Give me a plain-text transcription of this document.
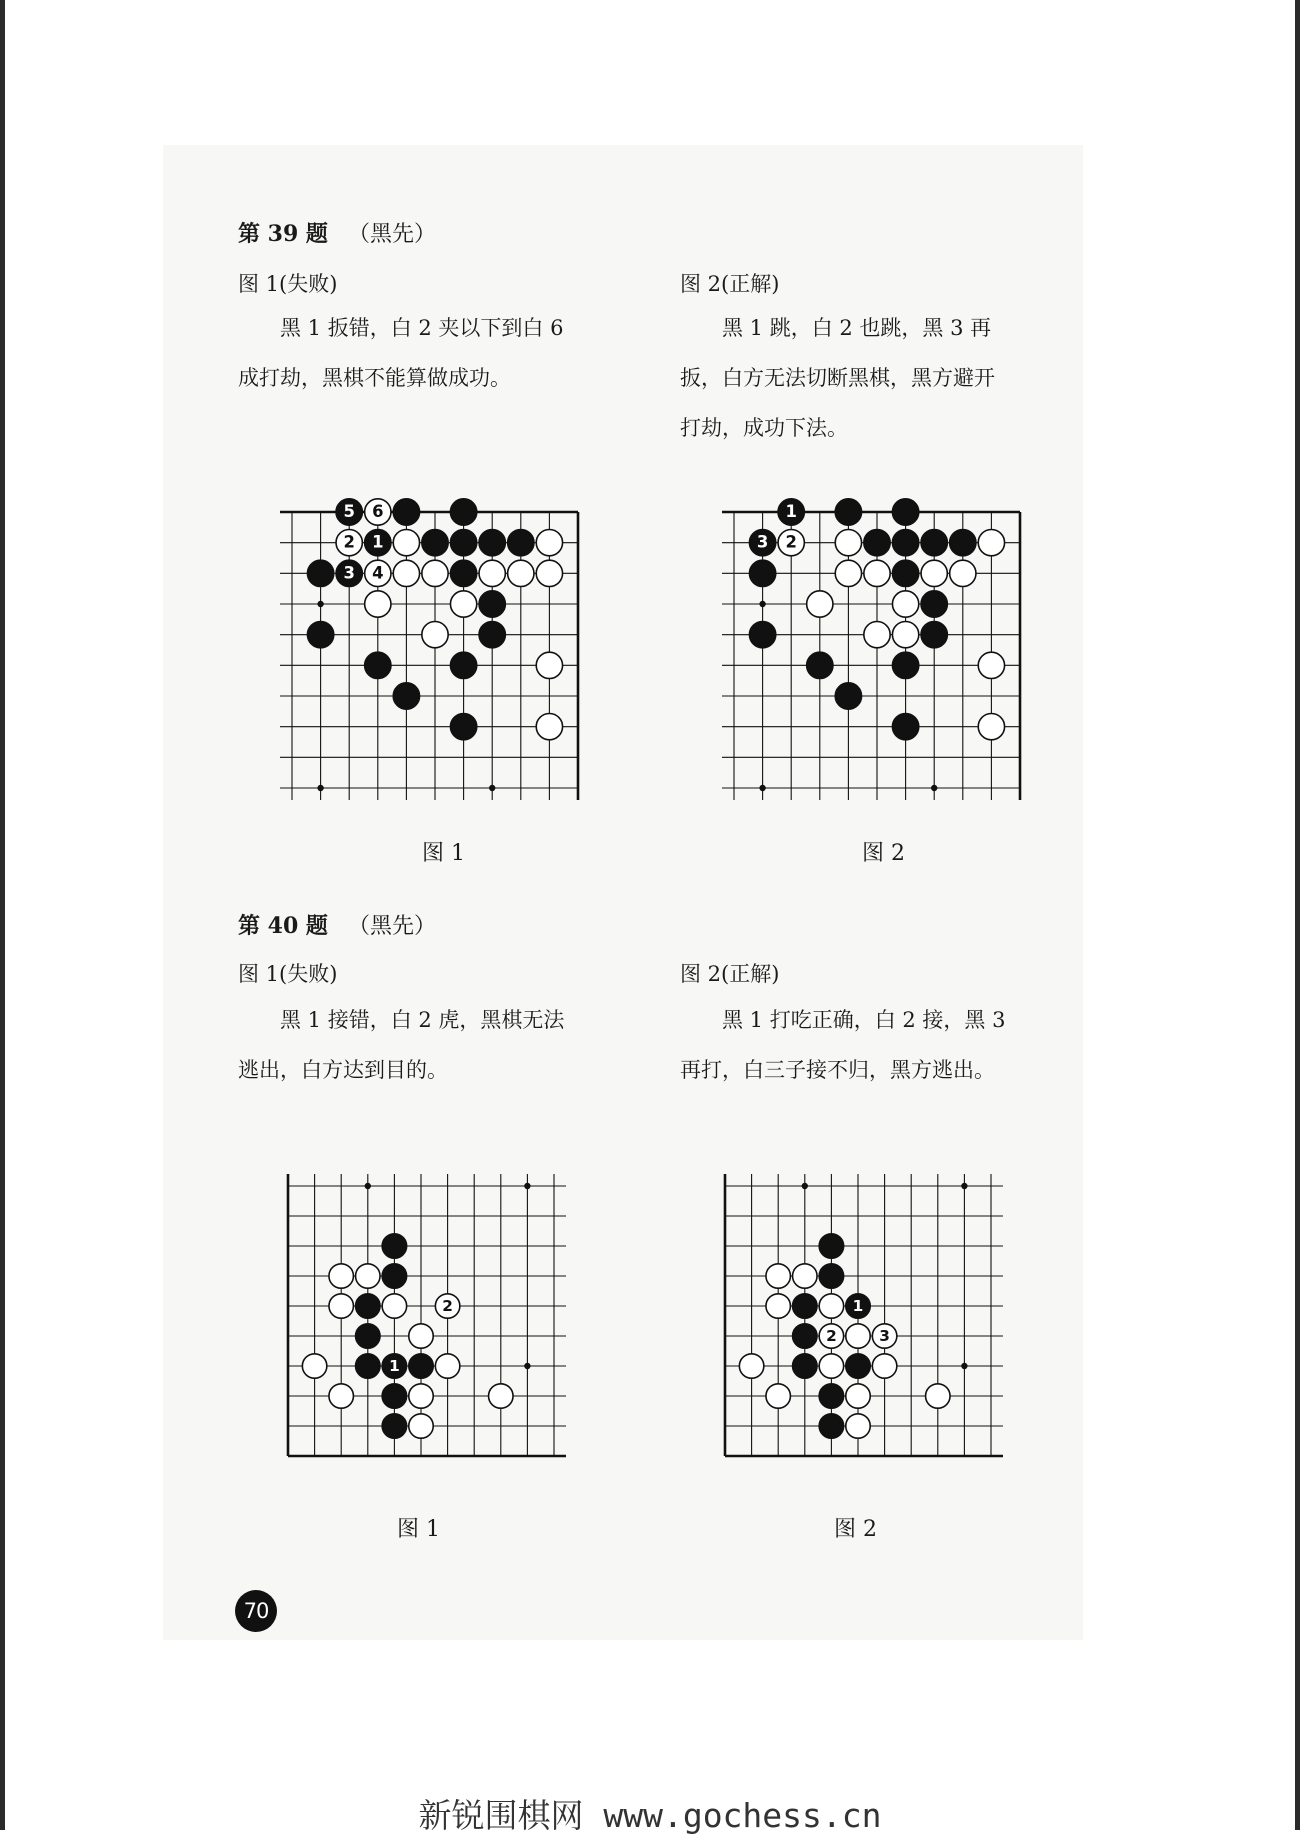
第 39 题 （黑先）
图 1(失败)
　　黑 1 扳错，白 2 夹以下到白 6
成打劫，黑棋不能算做成功。
图 2(正解)
　　黑 1 跳，白 2 也跳，黑 3 再
扳，白方无法切断黑棋，黑方避开
打劫，成功下法。
5 6
2 1
3 4
1
3 2
图 1	图 2
第 40 题 （黑先）
图 1(失败)
　　黑 1 接错，白 2 虎，黑棋无法
逃出，白方达到目的。
图 2(正解)
　　黑 1 打吃正确，白 2 接，黑 3
再打，白三子接不归，黑方逃出。
2
1
1
2	3
图 1	图 2
70
新锐围棋网 www.gochess.cn
